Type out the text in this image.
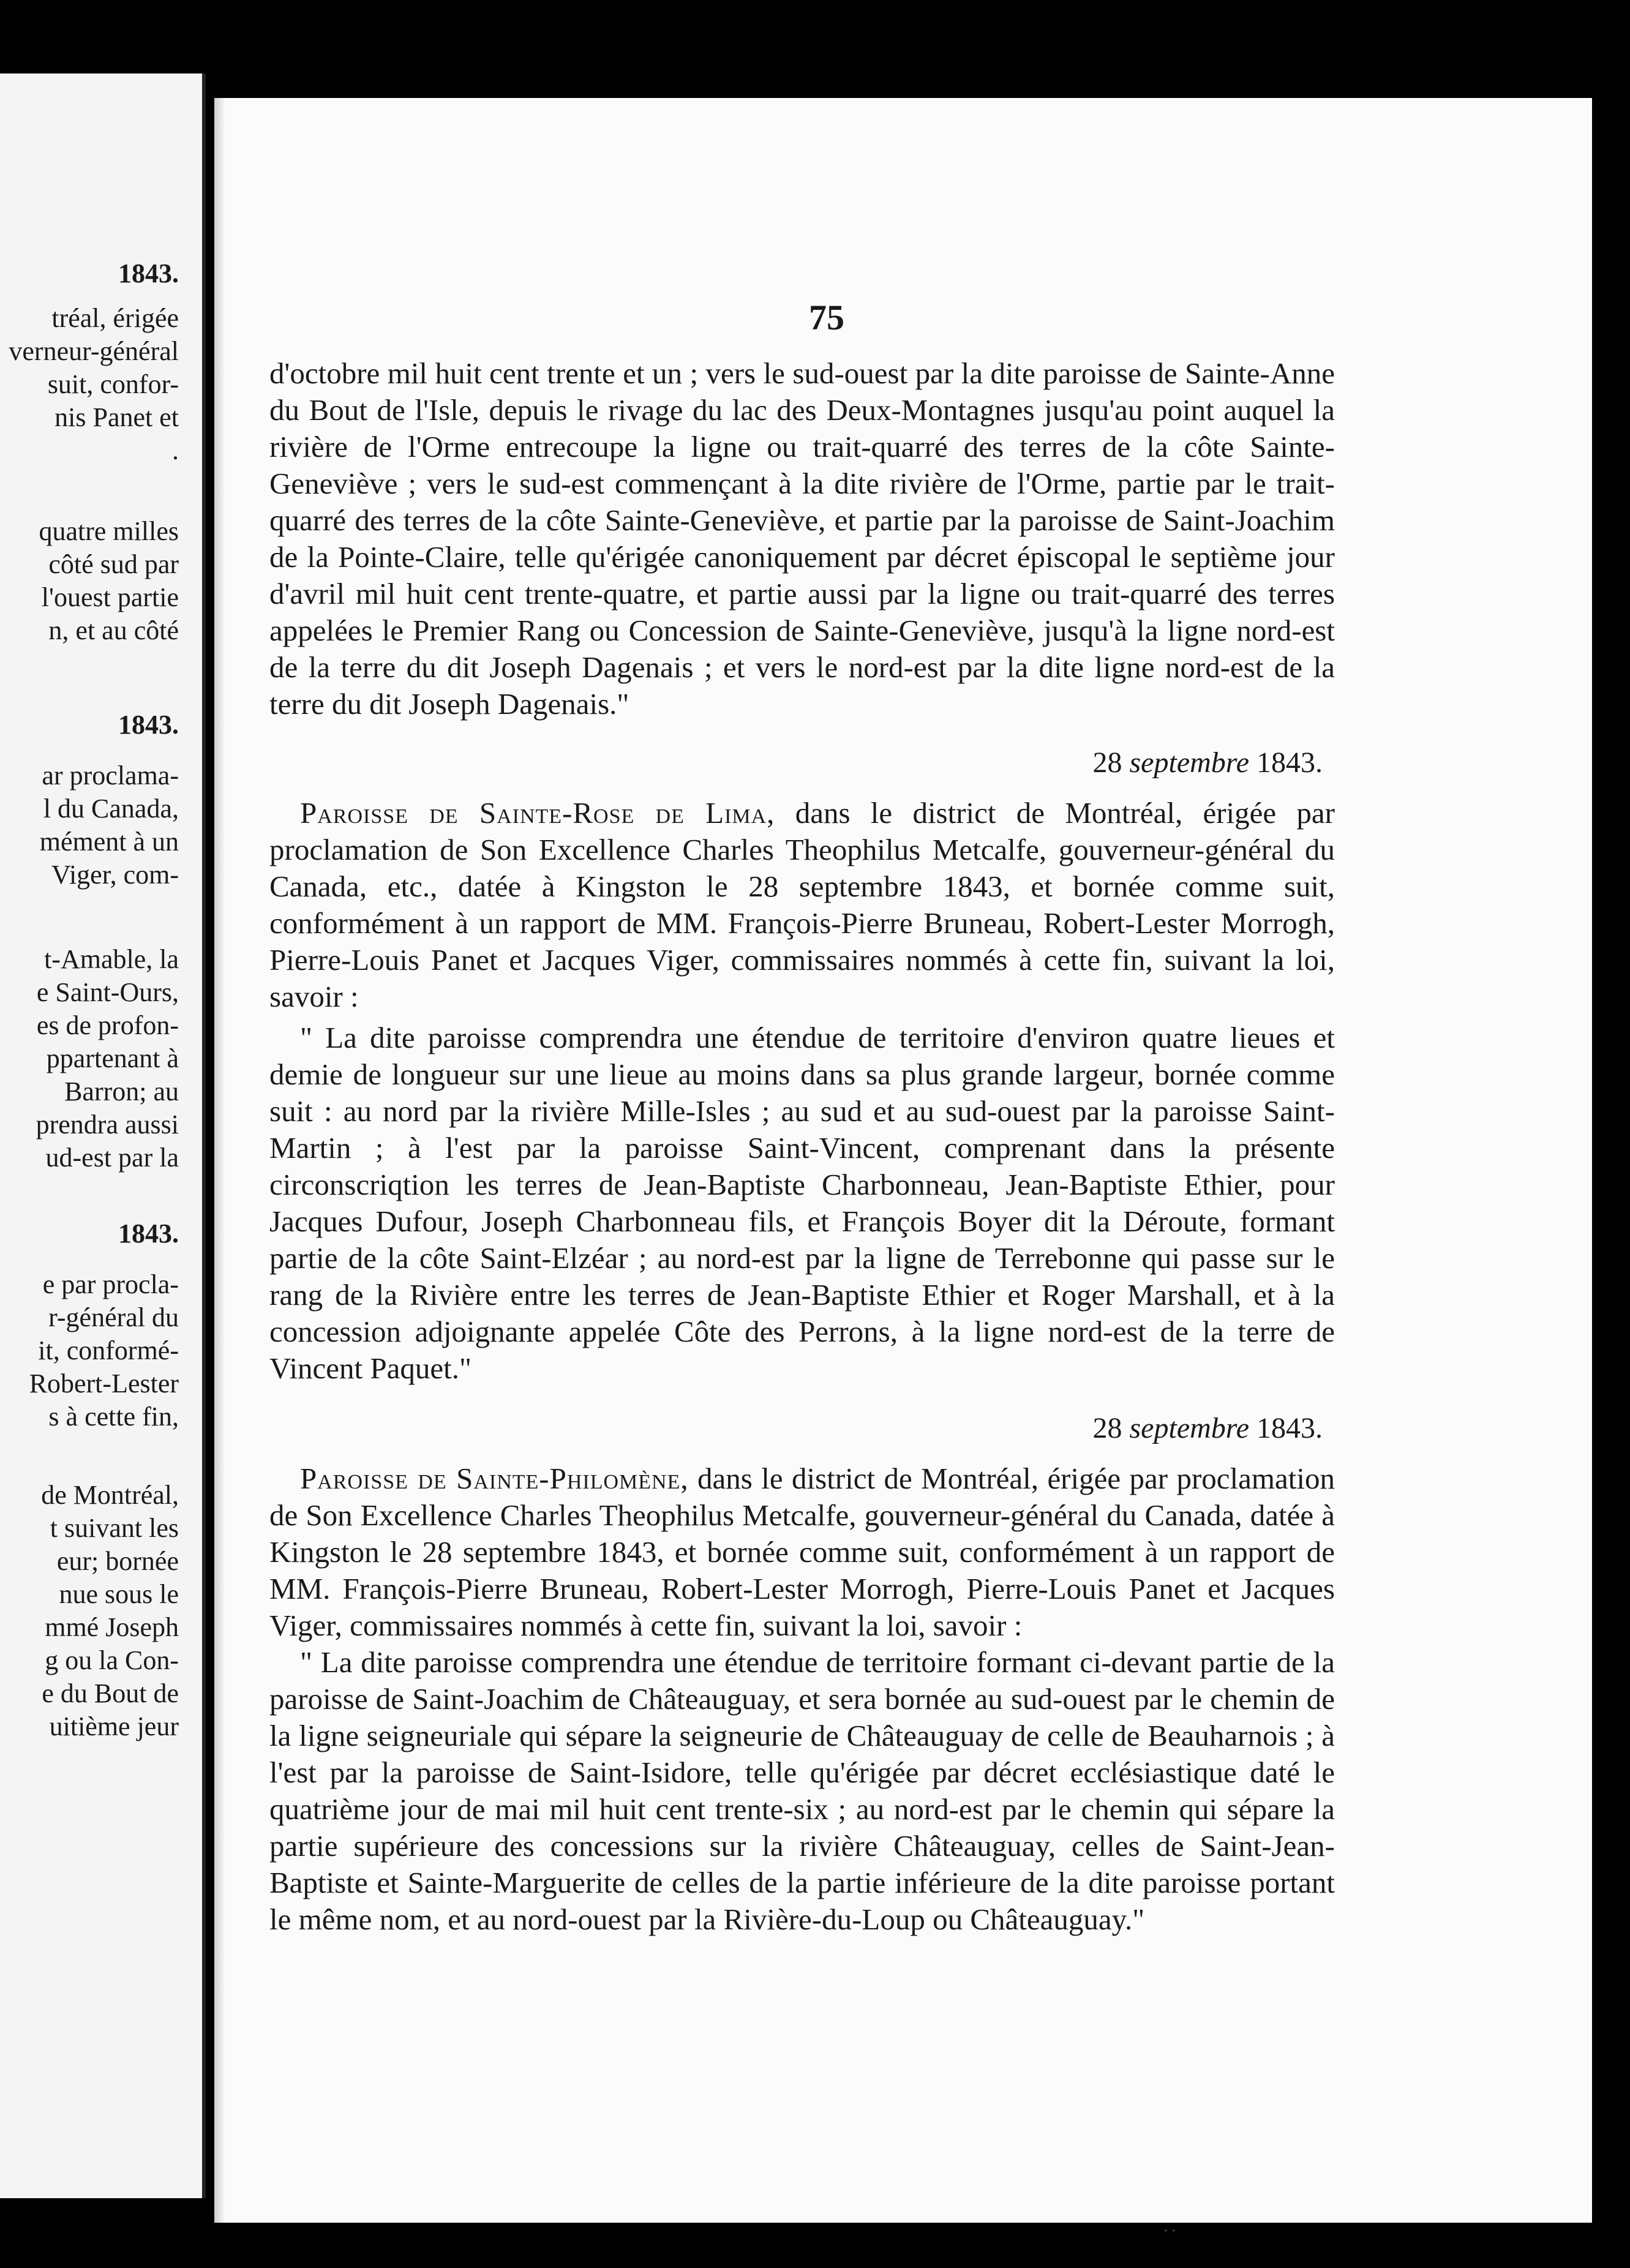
1843.
tréal, érigée
verneur-général
suit, confor-
nis Panet et
.
quatre milles
côté sud par
l'ouest partie
n, et au côté
1843.
ar proclama-
l du Canada,
mément à un
Viger, com-
t-Amable, la
e Saint-Ours,
es de profon-
ppartenant à
Barron; au
prendra aussi
ud-est par la
1843.
e par procla-
r-général du
it, conformé-
Robert-Lester
s à cette fin,
de Montréal,
t suivant les
eur; bornée
nue sous le
mmé Joseph
g ou la Con-
e du Bout de
uitième jeur
75

d'octobre mil huit cent trente et un ; vers le sud-ouest par la dite paroisse de Sainte-Anne du Bout de l'Isle, depuis le rivage du lac des Deux-Montagnes jusqu'au point auquel la rivière de l'Orme entrecoupe la ligne ou trait-quarré des terres de la côte Sainte-Geneviève ; vers le sud-est commençant à la dite rivière de l'Orme, partie par le trait-quarré des terres de la côte Sainte-Geneviève, et partie par la paroisse de Saint-Joachim de la Pointe-Claire, telle qu'érigée canoniquement par décret épiscopal le septième jour d'avril mil huit cent trente-quatre, et partie aussi par la ligne ou trait-quarré des terres appelées le Premier Rang ou Concession de Sainte-Geneviève, jusqu'à la ligne nord-est de la terre du dit Joseph Dagenais ; et vers le nord-est par la dite ligne nord-est de la terre du dit Joseph Dagenais."

28 septembre 1843.

Paroisse de Sainte-Rose de Lima, dans le district de Montréal, érigée par proclamation de Son Excellence Charles Theophilus Metcalfe, gouverneur-général du Canada, etc., datée à Kingston le 28 septembre 1843, et bornée comme suit, conformément à un rapport de MM. François-Pierre Bruneau, Robert-Lester Morrogh, Pierre-Louis Panet et Jacques Viger, commissaires nommés à cette fin, suivant la loi, savoir :

" La dite paroisse comprendra une étendue de territoire d'environ quatre lieues et demie de longueur sur une lieue au moins dans sa plus grande largeur, bornée comme suit : au nord par la rivière Mille-Isles ; au sud et au sud-ouest par la paroisse Saint-Martin ; à l'est par la paroisse Saint-Vincent, comprenant dans la présente circonscriqtion les terres de Jean-Baptiste Charbonneau, Jean-Baptiste Ethier, pour Jacques Dufour, Joseph Charbonneau fils, et François Boyer dit la Déroute, formant partie de la côte Saint-Elzéar ; au nord-est par la ligne de Terrebonne qui passe sur le rang de la Rivière entre les terres de Jean-Baptiste Ethier et Roger Marshall, et à la concession adjoignante appelée Côte des Perrons, à la ligne nord-est de la terre de Vincent Paquet."

28 septembre 1843.

Paroisse de Sainte-Philomène, dans le district de Montréal, érigée par proclamation de Son Excellence Charles Theophilus Metcalfe, gouverneur-général du Canada, datée à Kingston le 28 septembre 1843, et bornée comme suit, conformément à un rapport de MM. François-Pierre Bruneau, Robert-Lester Morrogh, Pierre-Louis Panet et Jacques Viger, commissaires nommés à cette fin, suivant la loi, savoir :

" La dite paroisse comprendra une étendue de territoire formant ci-devant partie de la paroisse de Saint-Joachim de Châteauguay, et sera bornée au sud-ouest par le chemin de la ligne seigneuriale qui sépare la seigneurie de Châteauguay de celle de Beauharnois ; à l'est par la paroisse de Saint-Isidore, telle qu'érigée par décret ecclésiastique daté le quatrième jour de mai mil huit cent trente-six ; au nord-est par le chemin qui sépare la partie supérieure des concessions sur la rivière Châteauguay, celles de Saint-Jean-Baptiste et Sainte-Marguerite de celles de la partie inférieure de la dite paroisse portant le même nom, et au nord-ouest par la Rivière-du-Loup ou Châteauguay."

· ·
